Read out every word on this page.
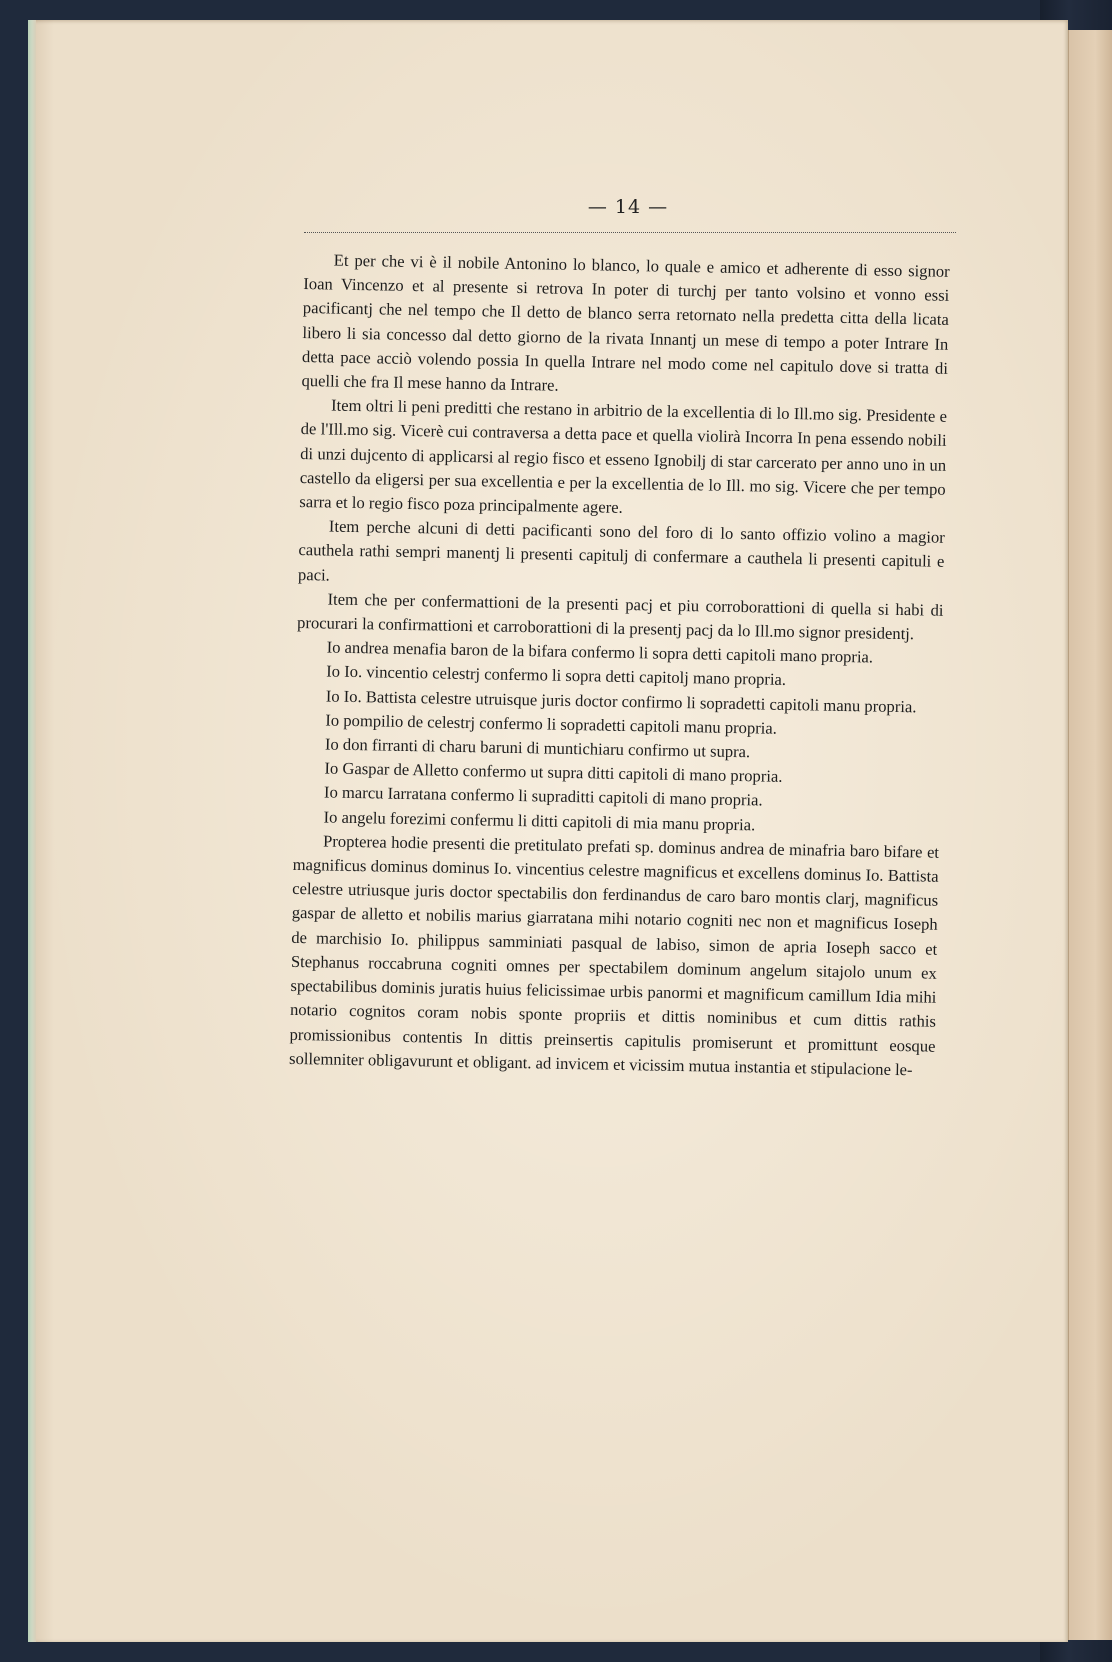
— 14 —

Et per che vi è il nobile Antonino lo blanco, lo quale e amico et adherente di esso signor Ioan Vincenzo et al presente si retrova In poter di turchj per tanto volsino et vonno essi pacificantj che nel tempo che Il detto de blanco serra retornato nella predetta citta della licata libero li sia concesso dal detto giorno de la rivata Innantj un mese di tempo a poter Intrare In detta pace acciò volendo possia In quella Intrare nel modo come nel capitulo dove si tratta di quelli che fra Il mese hanno da Intrare.

Item oltri li peni preditti che restano in arbitrio de la excellentia di lo Ill.mo sig. Presidente e de l'Ill.mo sig. Vicerè cui contraversa a detta pace et quella violirà Incorra In pena essendo nobili di unzi dujcento di applicarsi al regio fisco et esseno Ignobilj di star carcerato per anno uno in un castello da eligersi per sua excellentia e per la excellentia de lo Ill. mo sig. Vicere che per tempo sarra et lo regio fisco poza principalmente agere.

Item perche alcuni di detti pacificanti sono del foro di lo santo offizio volino a magior cauthela rathi sempri manentj li presenti capitulj di confermare a cauthela li presenti capituli e paci.

Item che per confermattioni de la presenti pacj et piu corroborattioni di quella si habi di procurari la confirmattioni et carroborattioni di la presentj pacj da lo Ill.mo signor presidentj.

Io andrea menafia baron de la bifara confermo li sopra detti capitoli mano propria.

Io Io. vincentio celestrj confermo li sopra detti capitolj mano propria.

Io Io. Battista celestre utruisque juris doctor confirmo li sopradetti capitoli manu propria.

Io pompilio de celestrj confermo li sopradetti capitoli manu propria.

Io don firranti di charu baruni di muntichiaru confirmo ut supra.

Io Gaspar de Alletto confermo ut supra ditti capitoli di mano propria.

Io marcu Iarratana confermo li supraditti capitoli di mano propria.

Io angelu forezimi confermu li ditti capitoli di mia manu propria.

Propterea hodie presenti die pretitulato prefati sp. dominus andrea de minafria baro bifare et magnificus dominus dominus Io. vincentius celestre magnificus et excellens dominus Io. Battista celestre utriusque juris doctor spectabilis don ferdinandus de caro baro montis clarj, magnificus gaspar de alletto et nobilis marius giarratana mihi notario cogniti nec non et magnificus Ioseph de marchisio Io. philippus samminiati pasqual de labiso, simon de apria Ioseph sacco et Stephanus roccabruna cogniti omnes per spectabilem dominum angelum sitajolo unum ex spectabilibus dominis juratis huius felicissimae urbis panormi et magnificum camillum Idia mihi notario cognitos coram nobis sponte propriis et dittis nominibus et cum dittis rathis promissionibus contentis In dittis preinsertis capitulis promiserunt et promittunt eosque sollemniter obligavurunt et obligant. ad invicem et vicissim mutua instantia et stipulacione le-
